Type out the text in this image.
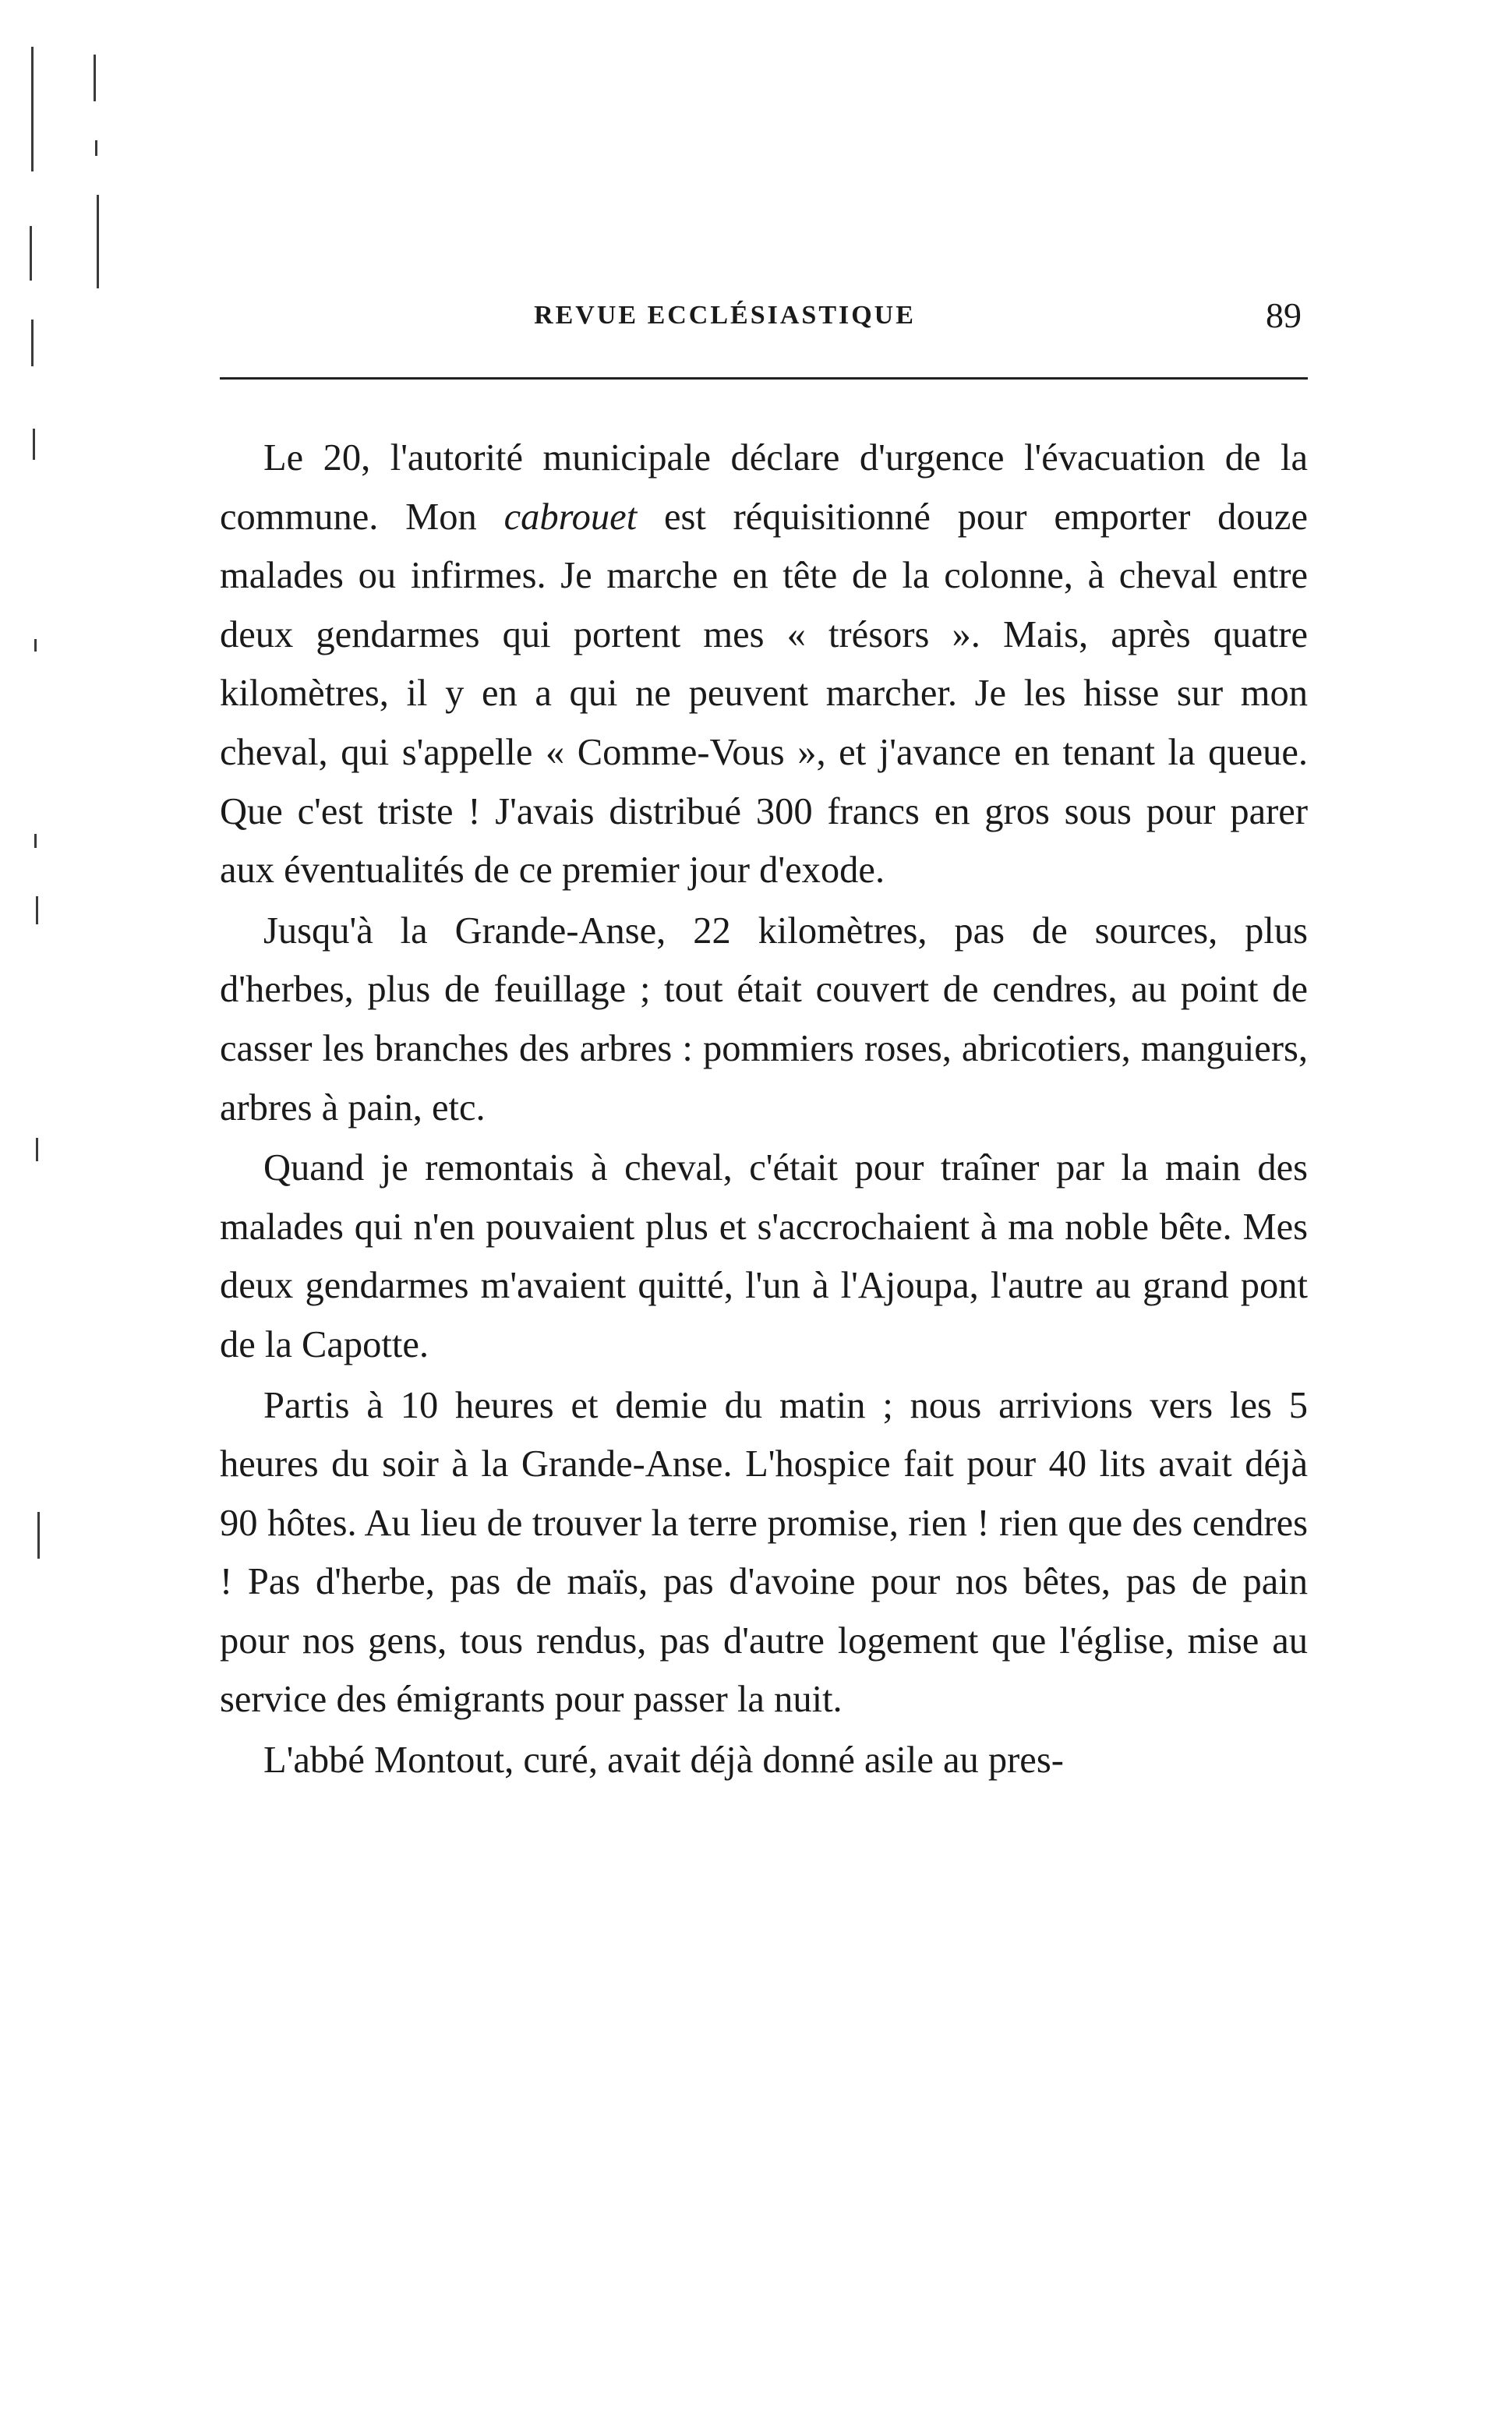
REVUE ECCLÉSIASTIQUE	89

Le 20, l'autorité municipale déclare d'urgence l'évacuation de la commune. Mon cabrouet est réquisitionné pour emporter douze malades ou infirmes. Je marche en tête de la colonne, à cheval entre deux gendarmes qui portent mes « trésors ». Mais, après quatre kilomètres, il y en a qui ne peuvent marcher. Je les hisse sur mon cheval, qui s'appelle « Comme-Vous », et j'avance en tenant la queue. Que c'est triste ! J'avais distribué 300 francs en gros sous pour parer aux éventualités de ce premier jour d'exode.

Jusqu'à la Grande-Anse, 22 kilomètres, pas de sources, plus d'herbes, plus de feuillage ; tout était couvert de cendres, au point de casser les branches des arbres : pommiers roses, abricotiers, manguiers, arbres à pain, etc.

Quand je remontais à cheval, c'était pour traîner par la main des malades qui n'en pouvaient plus et s'accrochaient à ma noble bête. Mes deux gendarmes m'avaient quitté, l'un à l'Ajoupa, l'autre au grand pont de la Capotte.

Partis à 10 heures et demie du matin ; nous arrivions vers les 5 heures du soir à la Grande-Anse. L'hospice fait pour 40 lits avait déjà 90 hôtes. Au lieu de trouver la terre promise, rien ! rien que des cendres ! Pas d'herbe, pas de maïs, pas d'avoine pour nos bêtes, pas de pain pour nos gens, tous rendus, pas d'autre logement que l'église, mise au service des émigrants pour passer la nuit.

L'abbé Montout, curé, avait déjà donné asile au pres-
